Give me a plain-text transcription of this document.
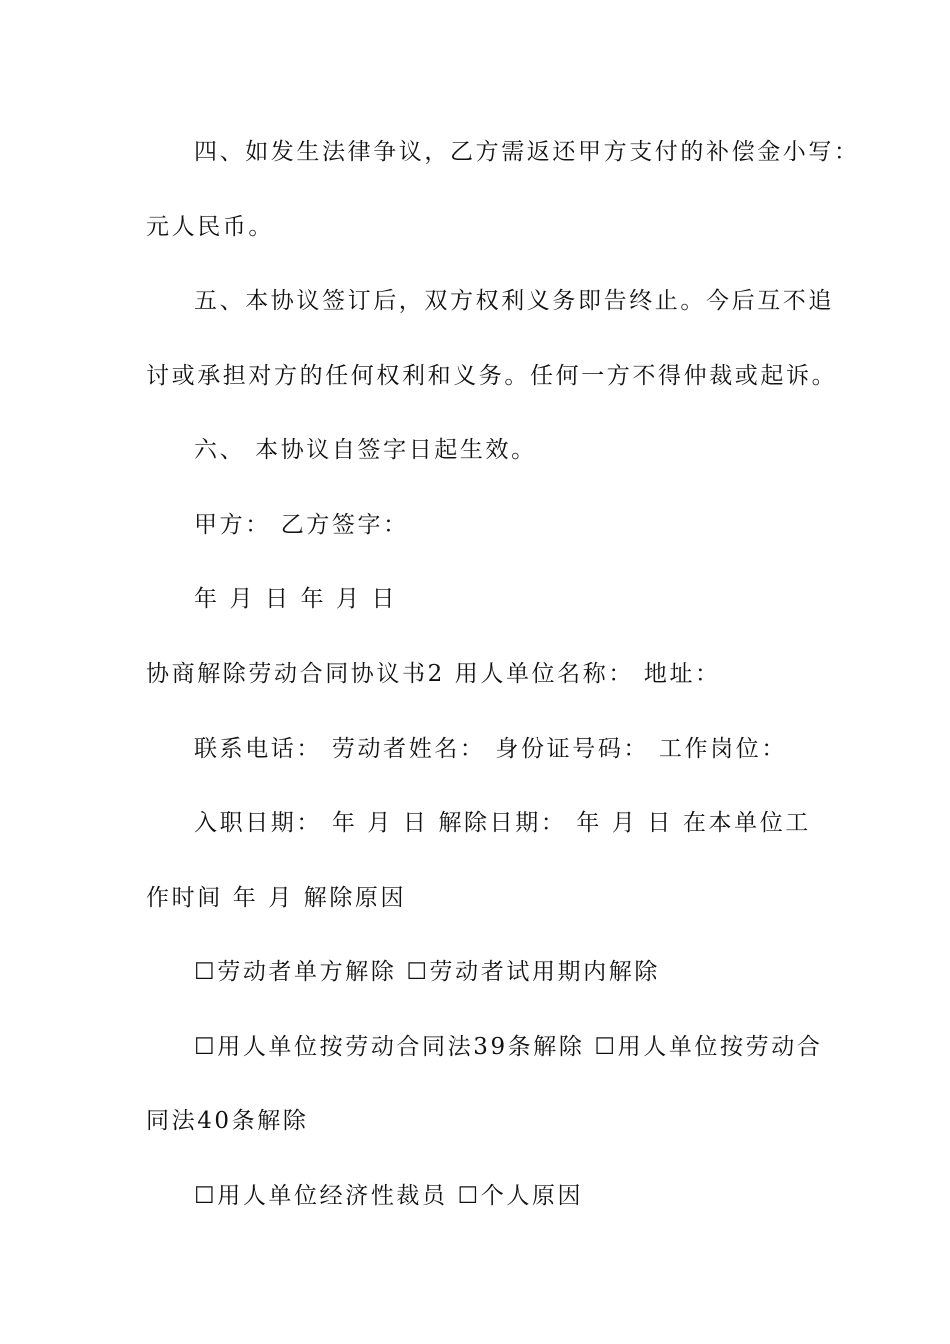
四、如发生法律争议，乙方需返还甲方支付的补偿金小写：
元人民币。
五、本协议签订后，双方权利义务即告终止。今后互不追
讨或承担对方的任何权利和义务。任何一方不得仲裁或起诉。
六、 本协议自签字日起生效。
甲方： 乙方签字：
年 月 日 年 月 日
协商解除劳动合同协议书2 用人单位名称： 地址：
联系电话： 劳动者姓名： 身份证号码： 工作岗位：
入职日期： 年 月 日 解除日期： 年 月 日 在本单位工
作时间 年 月 解除原因
☐劳动者单方解除 ☐劳动者试用期内解除
☐用人单位按劳动合同法39条解除 ☐用人单位按劳动合
同法40条解除
☐用人单位经济性裁员 ☐个人原因
